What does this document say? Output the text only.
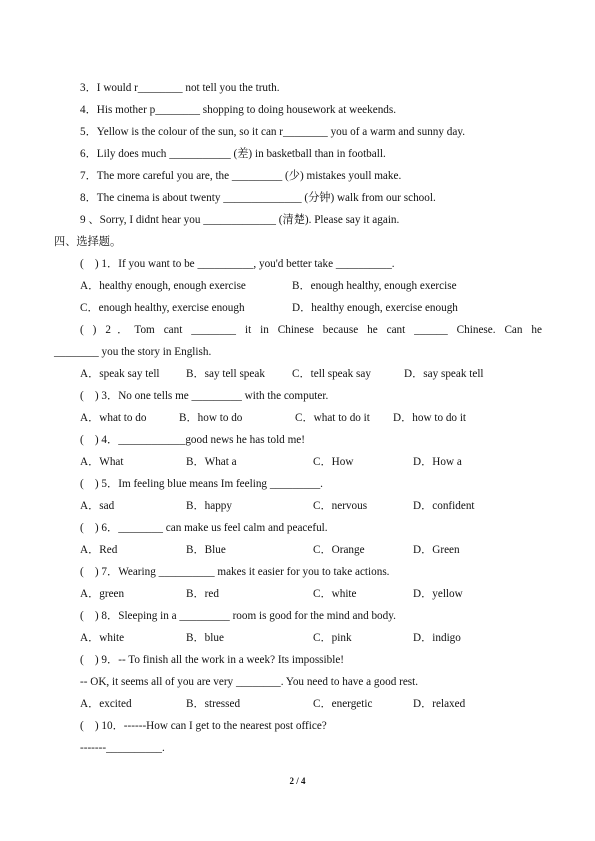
3．I would r________ not tell you the truth.
4．His mother p________ shopping to doing housework at weekends.
5．Yellow is the colour of the sun, so it can r________ you of a warm and sunny day.
6．Lily does much ___________ (差) in basketball than in football.
7．The more careful you are, the _________ (少) mistakes youll make.
8．The cinema is about twenty ______________ (分钟) walk from our school.
9 、Sorry, I didnt hear you _____________ (清楚). Please say it again.
四、选择题。
(    ) 1．If you want to be __________, you'd better take __________.
A．healthy enough, enough exercise	B．enough healthy, enough exercise
C．enough healthy, exercise enough	D．healthy enough, exercise enough
( ) 2．Tom cant ________ it in Chinese because he cant ______ Chinese. Can he
________ you the story in English.
A．speak say tell B．say tell speak C．tell speak say	D．say speak tell
(    ) 3．No one tells me _________ with the computer.
A．what to do	B．how to do	C．what to do it D．how to do it
(    ) 4．____________good news he has told me!
A．What	B．What a	C．How	D．How a
(    ) 5．Im feeling blue means Im feeling _________.
A．sad	B．happy	C．nervous	D．confident
(    ) 6．________ can make us feel calm and peaceful.
A．Red	B．Blue	C．Orange	D．Green
(    ) 7．Wearing __________ makes it easier for you to take actions.
A．green	B．red	C．white	D．yellow
(    ) 8．Sleeping in a _________ room is good for the mind and body.
A．white	B．blue	C．pink	D．indigo
(    ) 9．-- To finish all the work in a week? Its impossible!
-- OK, it seems all of you are very ________. You need to have a good rest.
A．excited	B．stressed	C．energetic	D．relaxed
(    ) 10．------How can I get to the nearest post office?
-------__________.
2 / 4
